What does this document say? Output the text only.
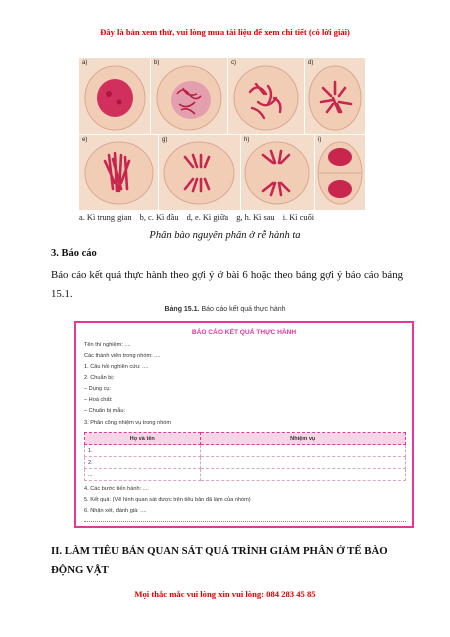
Đây là bản xem thử, vui lòng mua tài liệu để xem chi tiết (có lời giải)
a)	b)	c)	d)
e)	g)	h)	i)
a. Kì trung gian b, c. Kì đầu d, e. Kì giữa g, h. Kì sau i. Kì cuối
Phân bào nguyên phân ở rễ hành ta
3. Báo cáo
Báo cáo kết quả thực hành theo gợi ý ở bài 6 hoặc theo bảng gợi ý báo cáo bảng 15.1.
Bảng 15.1. Báo cáo kết quả thực hành
BÁO CÁO KẾT QUẢ THỰC HÀNH
Tên thí nghiệm: ....
Các thành viên trong nhóm: ....
1. Câu hỏi nghiên cứu: ....
2. Chuẩn bị:
– Dụng cụ:
– Hoá chất:
– Chuẩn bị mẫu:
3. Phân công nhiệm vụ trong nhóm
Họ và tên	Nhiệm vụ
1.	
2.	
...	
4. Các bước tiến hành: ....
5. Kết quả: (Vẽ hình quan sát được trên tiêu bản đã làm của nhóm)
6. Nhận xét, đánh giá: ....
II. LÀM TIÊU BẢN QUAN SÁT QUÁ TRÌNH GIẢM PHÂN Ở TẾ BÀO ĐỘNG VẬT
Mọi thắc mắc vui lòng xin vui lòng: 084 283 45 85
